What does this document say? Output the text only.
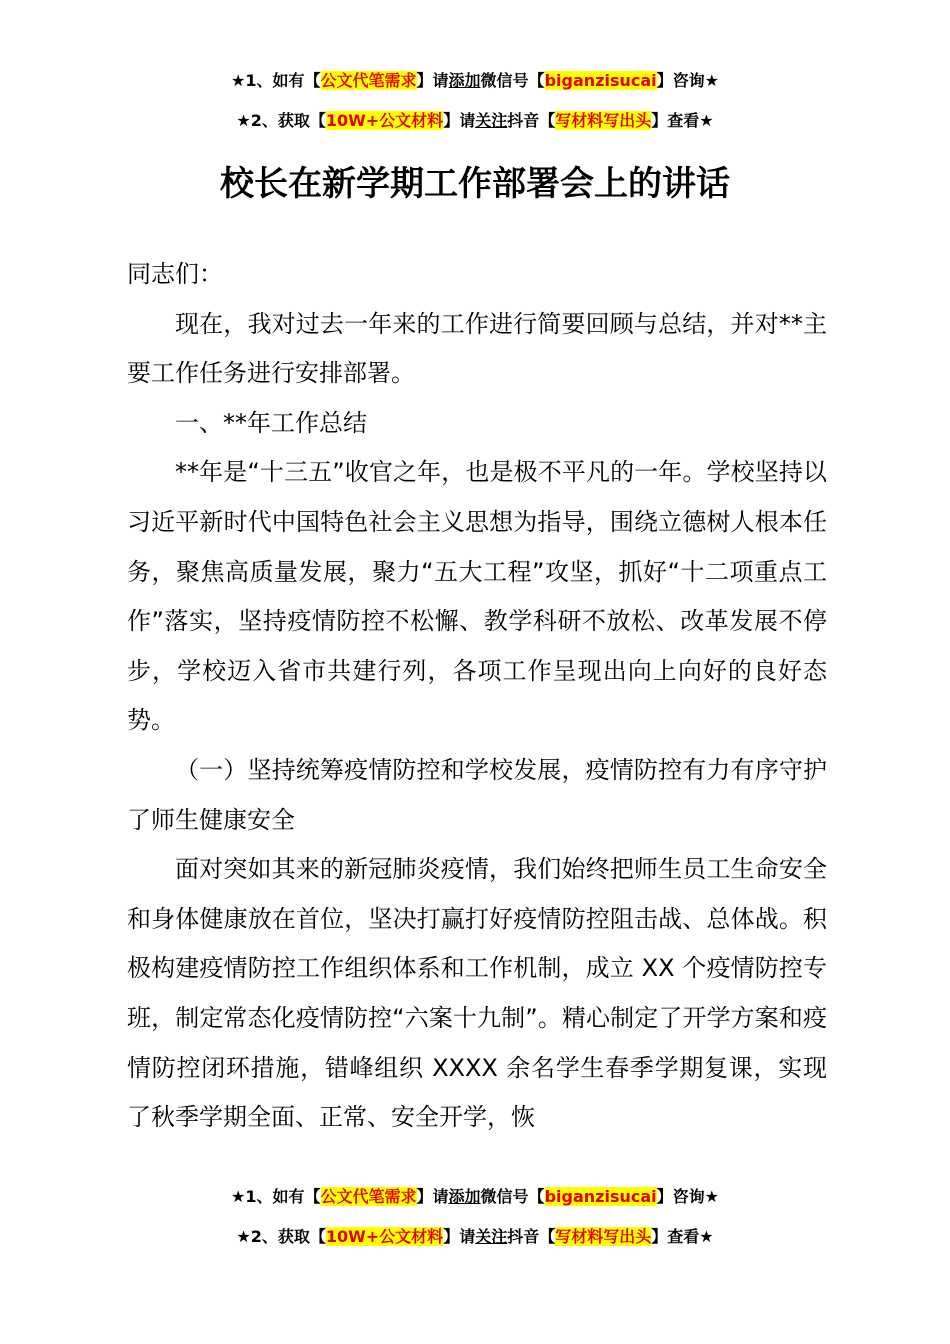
★1、如有【公文代笔需求】请添加微信号【biganzisucai】咨询★
★2、获取【10W+公文材料】请关注抖音【写材料写出头】查看★
校长在新学期工作部署会上的讲话

同志们：

现在，我对过去一年来的工作进行简要回顾与总结，并对**主要工作任务进行安排部署。

一、**年工作总结

**年是“十三五”收官之年，也是极不平凡的一年。学校坚持以习近平新时代中国特色社会主义思想为指导，围绕立德树人根本任务，聚焦高质量发展，聚力“五大工程”攻坚，抓好“十二项重点工作”落实，坚持疫情防控不松懈、教学科研不放松、改革发展不停步，学校迈入省市共建行列，各项工作呈现出向上向好的良好态势。

（一）坚持统筹疫情防控和学校发展，疫情防控有力有序守护了师生健康安全

面对突如其来的新冠肺炎疫情，我们始终把师生员工生命安全和身体健康放在首位，坚决打赢打好疫情防控阻击战、总体战。积极构建疫情防控工作组织体系和工作机制，成立 XX 个疫情防控专班，制定常态化疫情防控“六案十九制”。精心制定了开学方案和疫情防控闭环措施，错峰组织 XXXX 余名学生春季学期复课，实现了秋季学期全面、正常、安全开学，恢

★1、如有【公文代笔需求】请添加微信号【biganzisucai】咨询★
★2、获取【10W+公文材料】请关注抖音【写材料写出头】查看★
